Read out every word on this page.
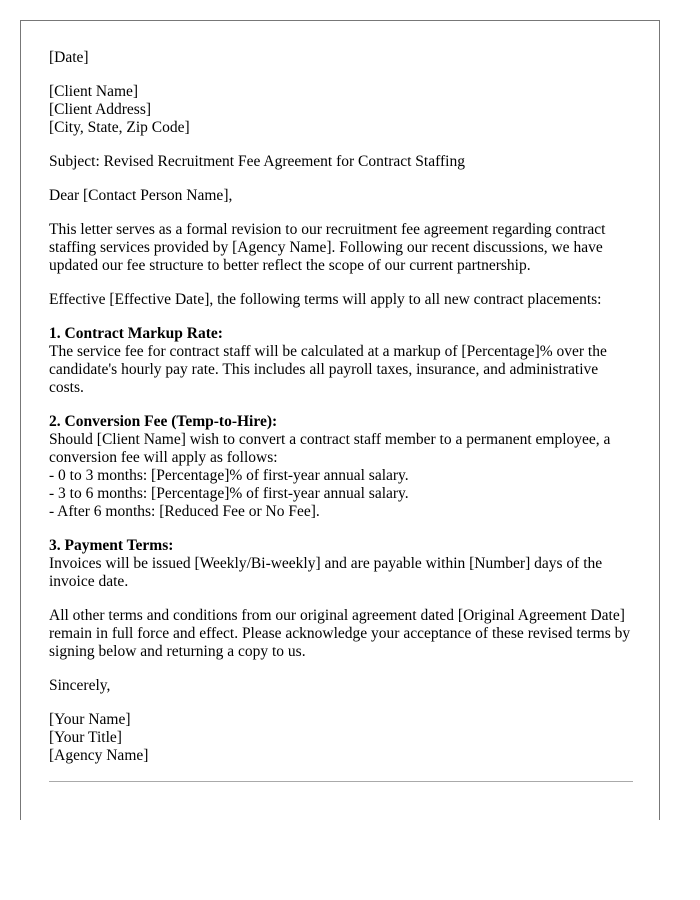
[Date]

[Client Name]
[Client Address]
[City, State, Zip Code]

Subject: Revised Recruitment Fee Agreement for Contract Staffing

Dear [Contact Person Name],

This letter serves as a formal revision to our recruitment fee agreement regarding contract staffing services provided by [Agency Name]. Following our recent discussions, we have updated our fee structure to better reflect the scope of our current partnership.

Effective [Effective Date], the following terms will apply to all new contract placements:

1. Contract Markup Rate:
The service fee for contract staff will be calculated at a markup of [Percentage]% over the candidate's hourly pay rate. This includes all payroll taxes, insurance, and administrative costs.

2. Conversion Fee (Temp-to-Hire):
Should [Client Name] wish to convert a contract staff member to a permanent employee, a conversion fee will apply as follows:
- 0 to 3 months: [Percentage]% of first-year annual salary.
- 3 to 6 months: [Percentage]% of first-year annual salary.
- After 6 months: [Reduced Fee or No Fee].

3. Payment Terms:
Invoices will be issued [Weekly/Bi-weekly] and are payable within [Number] days of the invoice date.

All other terms and conditions from our original agreement dated [Original Agreement Date] remain in full force and effect. Please acknowledge your acceptance of these revised terms by signing below and returning a copy to us.

Sincerely,

[Your Name]
[Your Title]
[Agency Name]
